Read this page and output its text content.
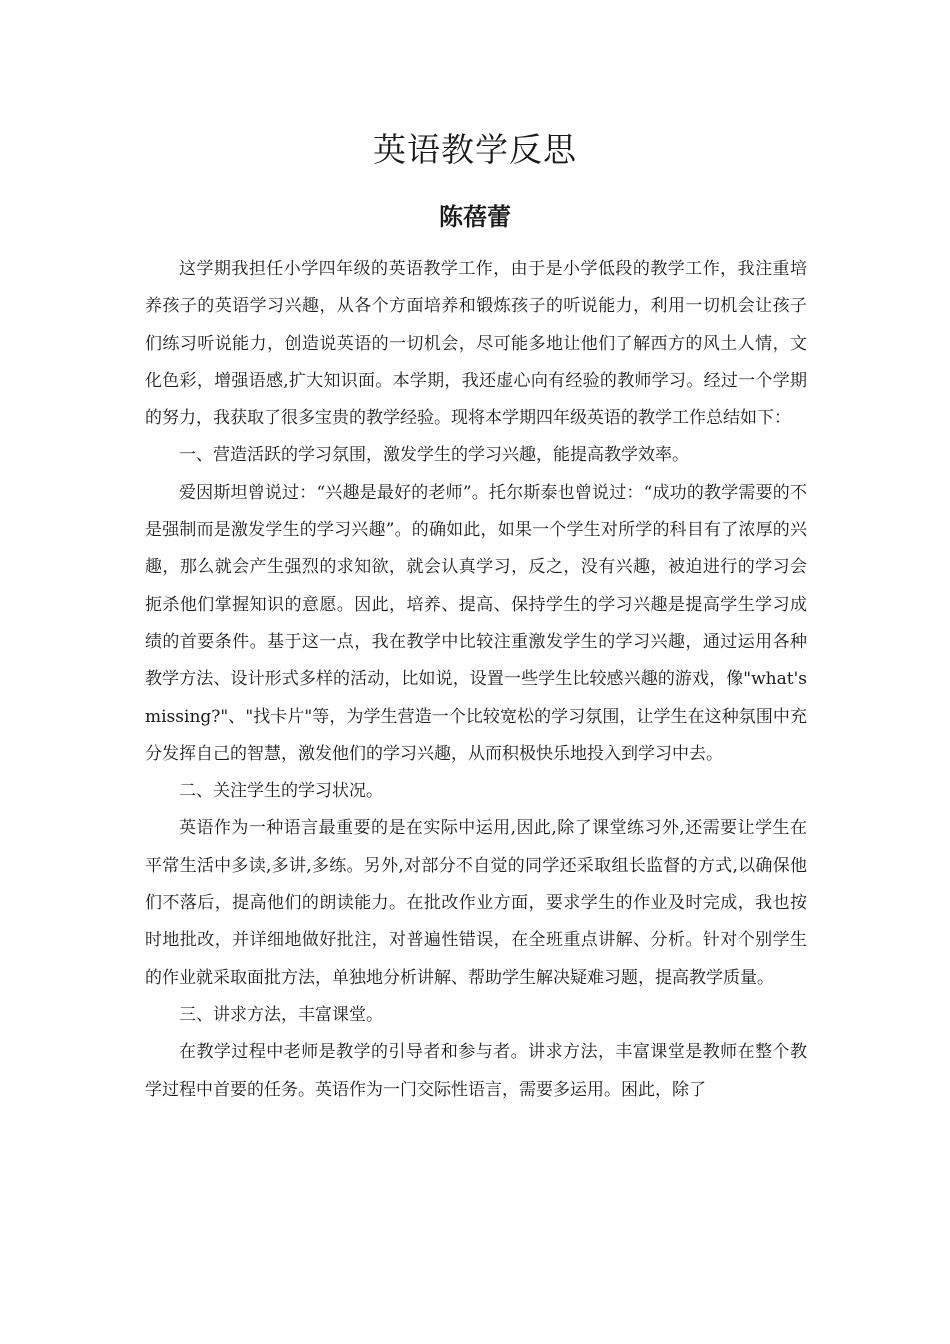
英语教学反思
陈蓓蕾

这学期我担任小学四年级的英语教学工作，由于是小学低段的教学工作，我注重培养孩子的英语学习兴趣，从各个方面培养和锻炼孩子的听说能力，利用一切机会让孩子们练习听说能力，创造说英语的一切机会，尽可能多地让他们了解西方的风土人情，文化色彩，增强语感,扩大知识面。本学期，我还虚心向有经验的教师学习。经过一个学期的努力，我获取了很多宝贵的教学经验。现将本学期四年级英语的教学工作总结如下：

一、营造活跃的学习氛围，激发学生的学习兴趣，能提高教学效率。

爱因斯坦曾说过：“兴趣是最好的老师”。托尔斯泰也曾说过：“成功的教学需要的不是强制而是激发学生的学习兴趣”。的确如此，如果一个学生对所学的科目有了浓厚的兴趣，那么就会产生强烈的求知欲，就会认真学习，反之，没有兴趣，被迫进行的学习会扼杀他们掌握知识的意愿。因此，培养、提高、保持学生的学习兴趣是提高学生学习成绩的首要条件。基于这一点，我在教学中比较注重激发学生的学习兴趣，通过运用各种教学方法、设计形式多样的活动，比如说，设置一些学生比较感兴趣的游戏，像"what's missing?"、"找卡片"等，为学生营造一个比较宽松的学习氛围，让学生在这种氛围中充分发挥自己的智慧，激发他们的学习兴趣，从而积极快乐地投入到学习中去。

二、关注学生的学习状况。

英语作为一种语言最重要的是在实际中运用,因此,除了课堂练习外,还需要让学生在平常生活中多读,多讲,多练。另外,对部分不自觉的同学还采取组长监督的方式,以确保他们不落后，提高他们的朗读能力。在批改作业方面，要求学生的作业及时完成，我也按时地批改，并详细地做好批注，对普遍性错误，在全班重点讲解、分析。针对个别学生的作业就采取面批方法，单独地分析讲解、帮助学生解决疑难习题，提高教学质量。

三、讲求方法，丰富课堂。

在教学过程中老师是教学的引导者和参与者。讲求方法，丰富课堂是教师在整个教学过程中首要的任务。英语作为一门交际性语言，需要多运用。困此，除了
